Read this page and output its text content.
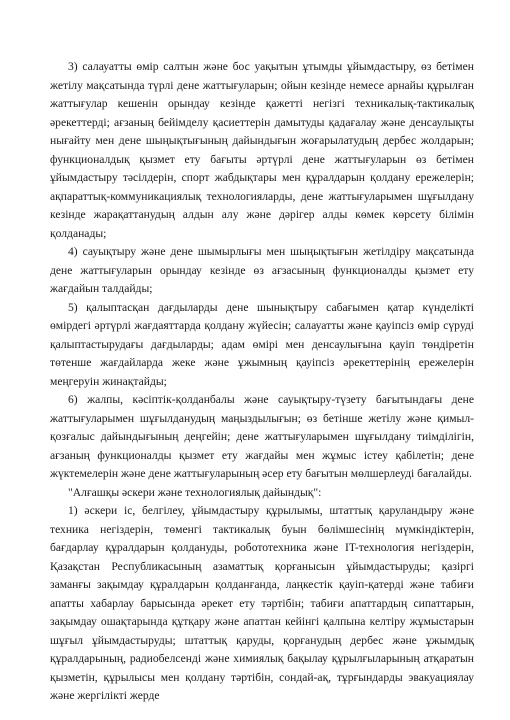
3) салауатты өмір салтын және бос уақытын ұтымды ұйымдастыру, өз бетімен жетілу мақсатында түрлі дене жаттығуларын; ойын кезінде немесе арнайы құрылған жаттығулар кешенін орындау кезінде қажетті негізгі техникалық-тактикалық әрекеттерді; ағзаның бейімделу қасиеттерін дамытуды қадағалау және денсаулықты нығайту мен дене шыңықтығының дайындығын жоғарылатудың дербес жолдарын; функционалдық қызмет ету бағыты әртүрлі дене жаттығуларын өз бетімен ұйымдастыру тәсілдерін, спорт жабдықтары мен құралдарын қолдану ережелерін; ақпараттық-коммуникациялық технологияларды, дене жаттығуларымен шұғылдану кезінде жарақаттанудың алдын алу және дәрігер алды көмек көрсету білімін қолданады;

4) сауықтыру және дене шымырлығы мен шыңықтығын жетілдіру мақсатында дене жаттығуларын орындау кезінде өз ағзасының функционалды қызмет ету жағдайын талдайды;

5) қалыптасқан дағдыларды дене шынықтыру сабағымен қатар күнделікті өмірдегі әртүрлі жағдаяттарда қолдану жүйесін; салауатты және қауіпсіз өмір сүруді қалыптастырудағы дағдыларды; адам өмірі мен денсаулығына қауіп төндіретін төтенше жағдайларда жеке және ұжымның қауіпсіз әрекеттерінің ережелерін меңгеруін жинақтайды;

6) жалпы, кәсіптік-қолданбалы және сауықтыру-түзету бағытындағы дене жаттығуларымен шұғылданудың маңыздылығын; өз бетінше жетілу және қимыл-қозғалыс дайындығының деңгейін; дене жаттығуларымен шұғылдану тиімділігін, ағзаның функционалды қызмет ету жағдайы мен жұмыс істеу қабілетін; дене жүктемелерін және дене жаттығуларының әсер ету бағытын мөлшерлеуді бағалайды.

"Алғашқы әскери және технологиялық дайындық":

1) әскери іс, белгілеу, ұйымдастыру құрылымы, штаттық қаруландыру және техника негіздерін, төменгі тактикалық буын бөлімшесінің мүмкіндіктерін, бағдарлау құралдарын қолдануды, робототехника және IT-технология негіздерін, Қазақстан Республикасының азаматтық қорғанысын ұйымдастыруды; қазіргі заманғы зақымдау құралдарын қолданғанда, лаңкестік қауіп-қатерді және табиғи апатты хабарлау барысында әрекет ету тәртібін; табиғи апаттардың сипаттарын, зақымдау ошақтарында құтқару және апаттан кейінгі қалпына келтіру жұмыстарын шұғыл ұйымдастыруды; штаттық қаруды, қорғанудың дербес және ұжымдық құралдарының, радиобелсенді және химиялық бақылау құрылғыларының атқаратын қызметін, құрылысы мен қолдану тәртібін, сондай-ақ, тұрғындарды эвакуациялау және жергілікті жерде
